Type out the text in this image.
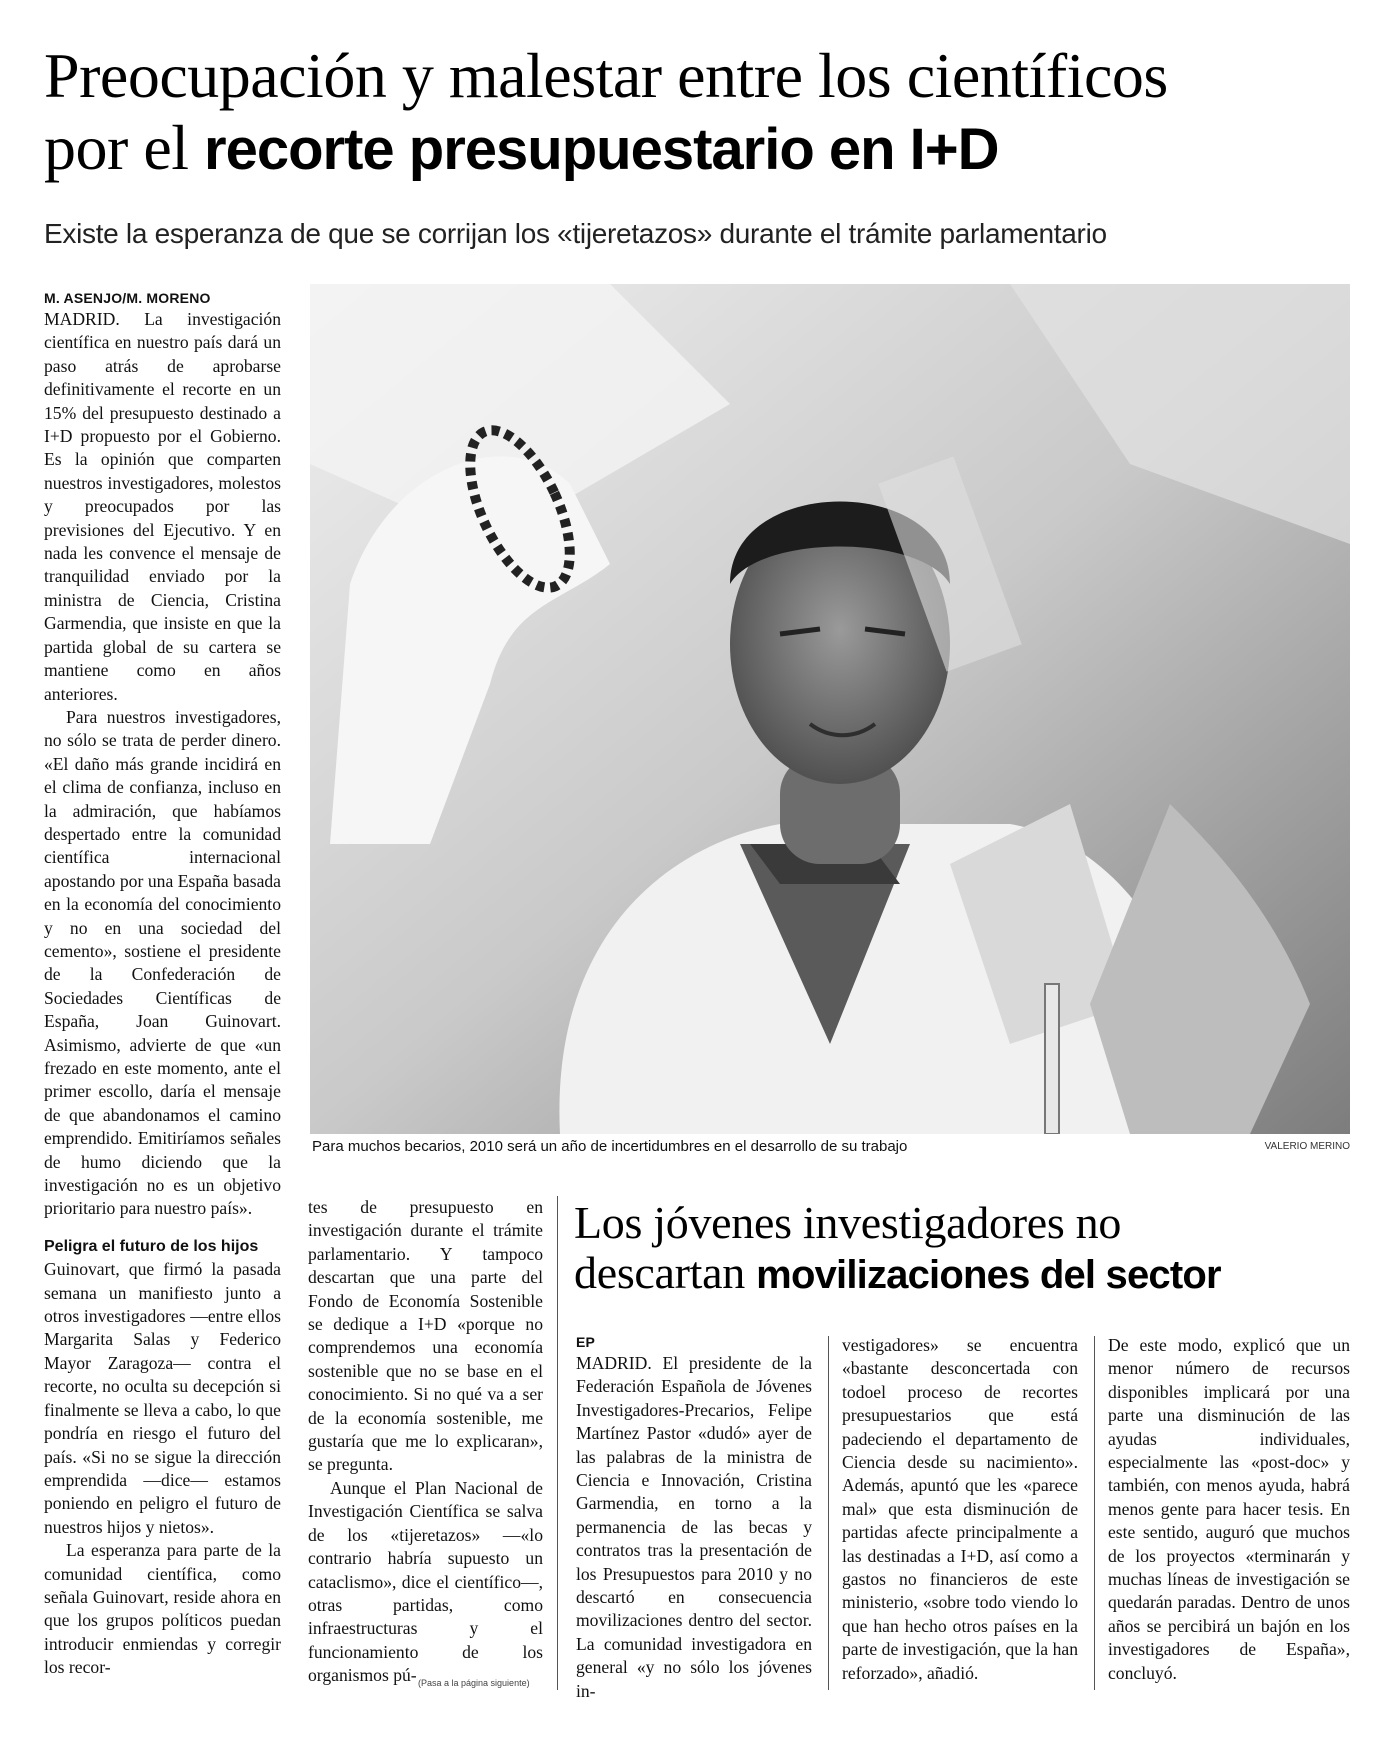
Preocupación y malestar entre los científicos
por el recorte presupuestario en I+D
Existe la esperanza de que se corrijan los «tijeretazos» durante el trámite parlamentario
M. ASENJO/M. MORENO

MADRID. La investigación científica en nuestro país dará un paso atrás de aprobarse definitivamente el recorte en un 15% del presupuesto destinado a I+D propuesto por el Gobierno. Es la opinión que comparten nuestros investigadores, molestos y preocupados por las previsiones del Ejecutivo. Y en nada les convence el mensaje de tranquilidad enviado por la ministra de Ciencia, Cristina Garmendia, que insiste en que la partida global de su cartera se mantiene como en años anteriores.

Para nuestros investigadores, no sólo se trata de perder dinero. «El daño más grande incidirá en el clima de confianza, incluso en la admiración, que habíamos despertado entre la comunidad científica internacional apostando por una España basada en la economía del conocimiento y no en una sociedad del cemento», sostiene el presidente de la Confederación de Sociedades Científicas de España, Joan Guinovart. Asimismo, advierte de que «un frezado en este momento, ante el primer escollo, daría el mensaje de que abandonamos el camino emprendido. Emitiríamos señales de humo diciendo que la investigación no es un objetivo prioritario para nuestro país».

Peligra el futuro de los hijos

Guinovart, que firmó la pasada semana un manifiesto junto a otros investigadores —entre ellos Margarita Salas y Federico Mayor Zaragoza— contra el recorte, no oculta su decepción si finalmente se lleva a cabo, lo que pondría en riesgo el futuro del país. «Si no se sigue la dirección emprendida —dice— estamos poniendo en peligro el futuro de nuestros hijos y nietos».

La esperanza para parte de la comunidad científica, como señala Guinovart, reside ahora en que los grupos políticos puedan introducir enmiendas y corregir los recor-

Para muchos becarios, 2010 será un año de incertidumbres en el desarrollo de su trabajo	VALERIO MERINO

tes de presupuesto en investigación durante el trámite parlamentario. Y tampoco descartan que una parte del Fondo de Economía Sostenible se dedique a I+D «porque no comprendemos una economía sostenible que no se base en el conocimiento. Si no qué va a ser de la economía sostenible, me gustaría que me lo explicaran», se pregunta.

Aunque el Plan Nacional de Investigación Científica se salva de los «tijeretazos» —«lo contrario habría supuesto un cataclismo», dice el científico—, otras partidas, como infraestructuras y el funcionamiento de los organismos pú- (Pasa a la página siguiente)
Los jóvenes investigadores no
descartan movilizaciones del sector
EP

MADRID. El presidente de la Federación Española de Jóvenes Investigadores-Precarios, Felipe Martínez Pastor «dudó» ayer de las palabras de la ministra de Ciencia e Innovación, Cristina Garmendia, en torno a la permanencia de las becas y contratos tras la presentación de los Presupuestos para 2010 y no descartó en consecuencia movilizaciones dentro del sector. La comunidad investigadora en general «y no sólo los jóvenes in-

vestigadores» se encuentra «bastante desconcertada con todoel proceso de recortes presupuestarios que está padeciendo el departamento de Ciencia desde su nacimiento». Además, apuntó que les «parece mal» que esta disminución de partidas afecte principalmente a las destinadas a I+D, así como a gastos no financieros de este ministerio, «sobre todo viendo lo que han hecho otros países en la parte de investigación, que la han reforzado», añadió.

De este modo, explicó que un menor número de recursos disponibles implicará por una parte una disminución de las ayudas individuales, especialmente las «post-doc» y también, con menos ayuda, habrá menos gente para hacer tesis. En este sentido, auguró que muchos de los proyectos «terminarán y muchas líneas de investigación se quedarán paradas. Dentro de unos años se percibirá un bajón en los investigadores de España», concluyó.
